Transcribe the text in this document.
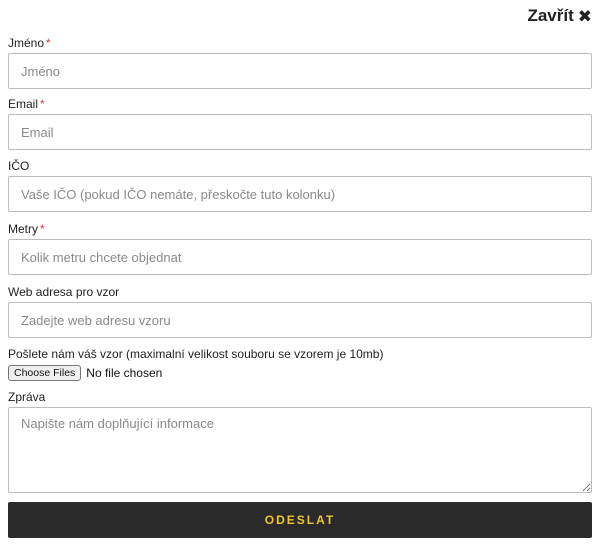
Zavřít ✖
Jméno *
Jméno
Email *
Email
IČO
Vaše IČO (pokud IČO nemáte, přeskočte tuto kolonku)
Metry *
Kolik metru chcete objednat
Web adresa pro vzor
Zadejte web adresu vzoru
Pošlete nám váš vzor (maximalní velikost souboru se vzorem je 10mb)
Choose Files No file chosen
Zpráva
Napište nám doplňující informace
ODESLAT
